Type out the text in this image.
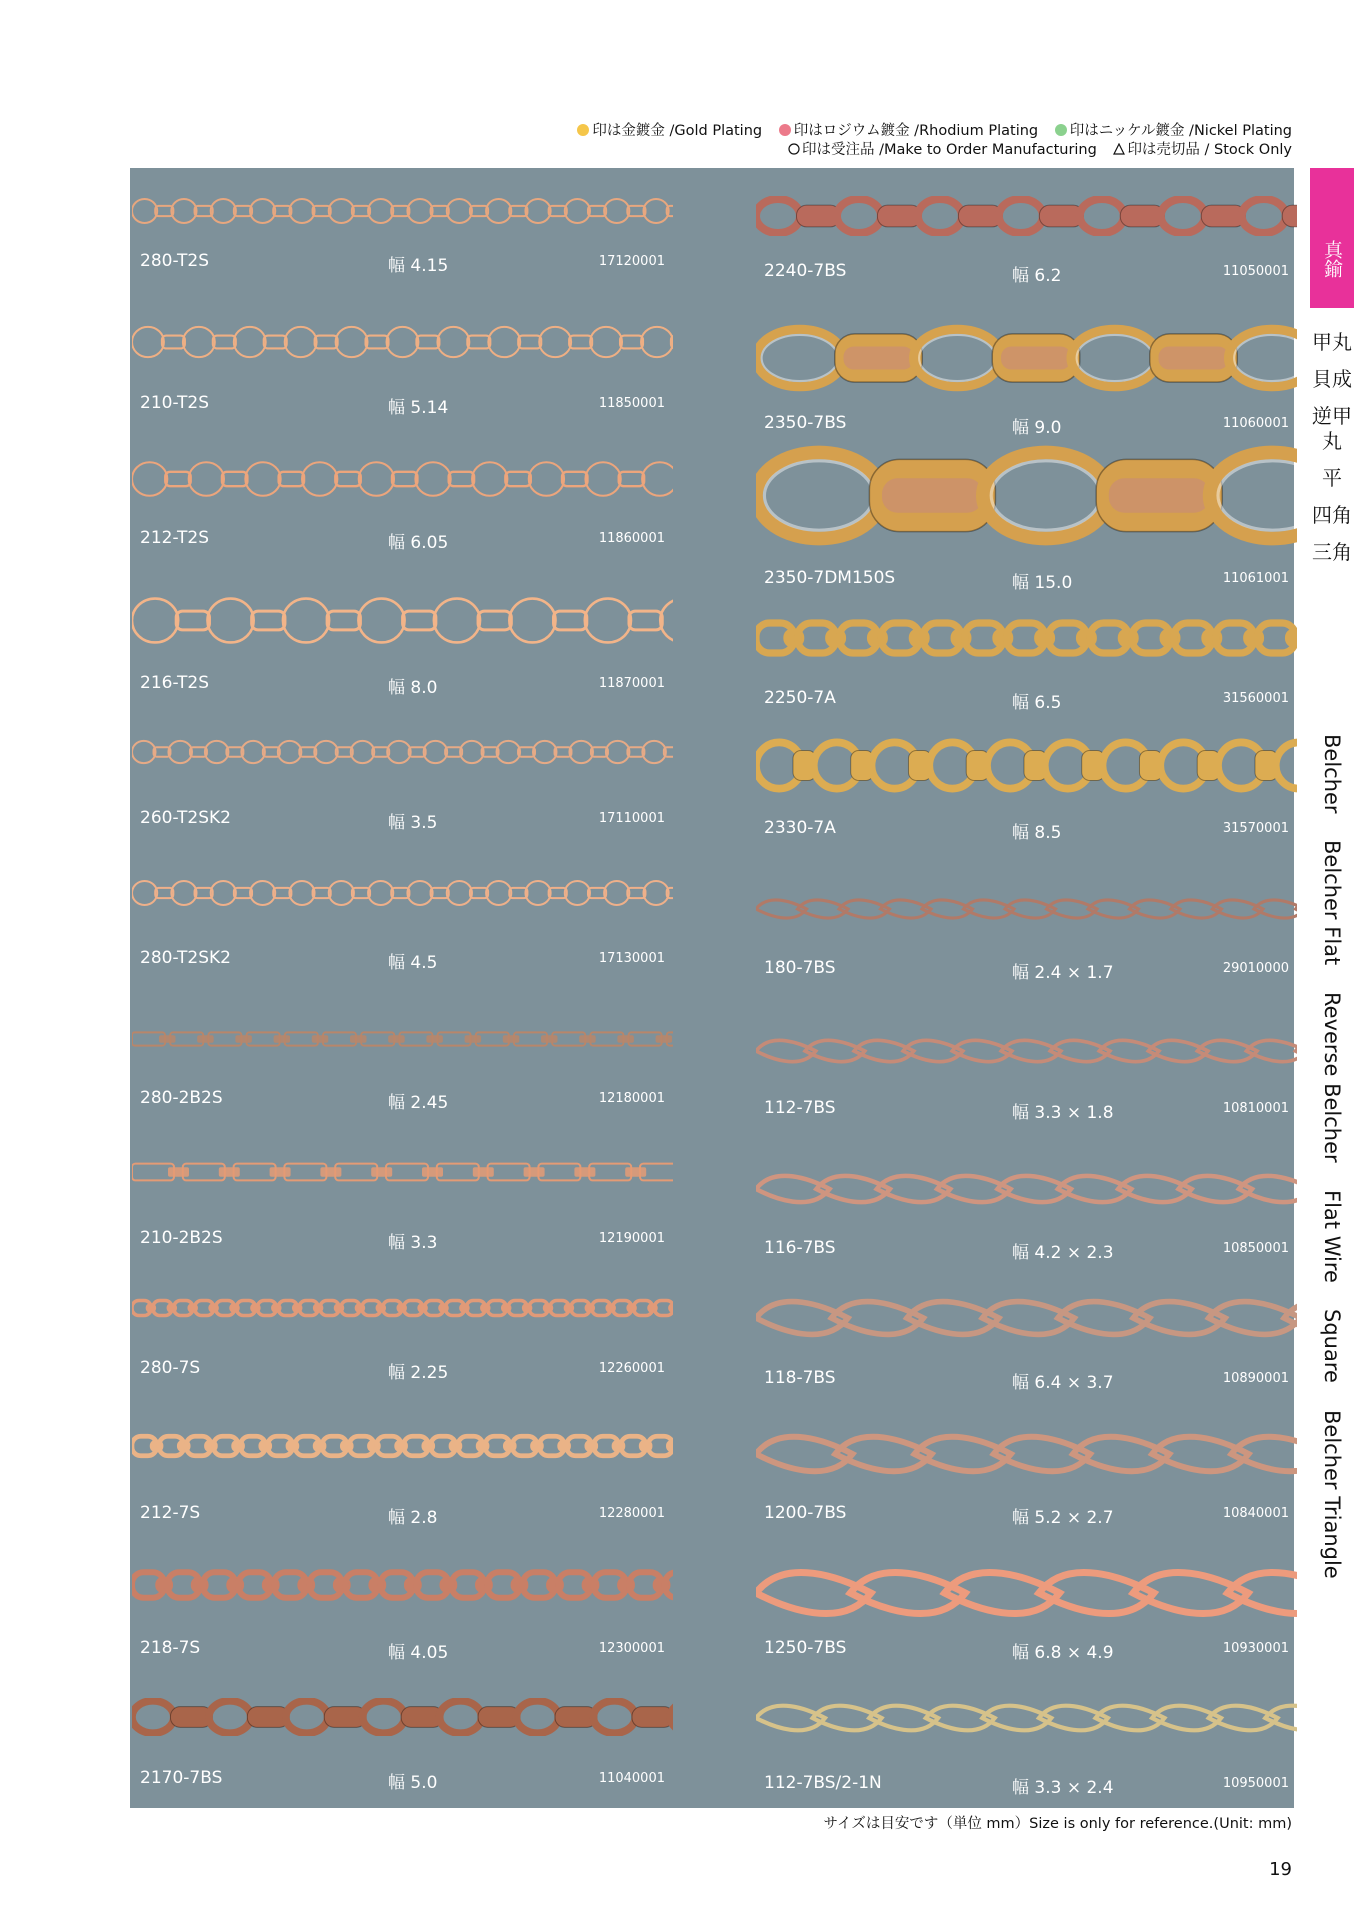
印は金鍍金 /Gold Plating 印はロジウム鍍金 /Rhodium Plating 印はニッケル鍍金 /Nickel Plating
印は受注品 /Make to Order Manufacturing 印は売切品 / Stock Only
280-T2S	幅 4.15	17120001
210-T2S	幅 5.14	11850001
212-T2S	幅 6.05	11860001
216-T2S	幅 8.0	11870001
260-T2SK2	幅 3.5	17110001
280-T2SK2	幅 4.5	17130001
280-2B2S	幅 2.45	12180001
210-2B2S	幅 3.3	12190001
280-7S	幅 2.25	12260001
212-7S	幅 2.8	12280001
218-7S	幅 4.05	12300001
2170-7BS	幅 5.0	11040001
2240-7BS	幅 6.2	11050001
2350-7BS	幅 9.0	11060001
2350-7DM150S	幅 15.0	11061001
2250-7A	幅 6.5	31560001
2330-7A	幅 8.5	31570001
180-7BS	幅 2.4 × 1.7	29010000
112-7BS	幅 3.3 × 1.8	10810001
116-7BS	幅 4.2 × 2.3	10850001
118-7BS	幅 6.4 × 3.7	10890001
1200-7BS	幅 5.2 × 2.7	10840001
1250-7BS	幅 6.8 × 4.9	10930001
112-7BS/2-1N	幅 3.3 × 2.4	10950001
真鍮
甲丸
貝成
逆甲丸
平
四角
三角
Belcher Belcher Flat Reverse Belcher Flat Wire Square Belcher Triangle
サイズは目安です（単位 mm）Size is only for reference.(Unit: mm)
19
